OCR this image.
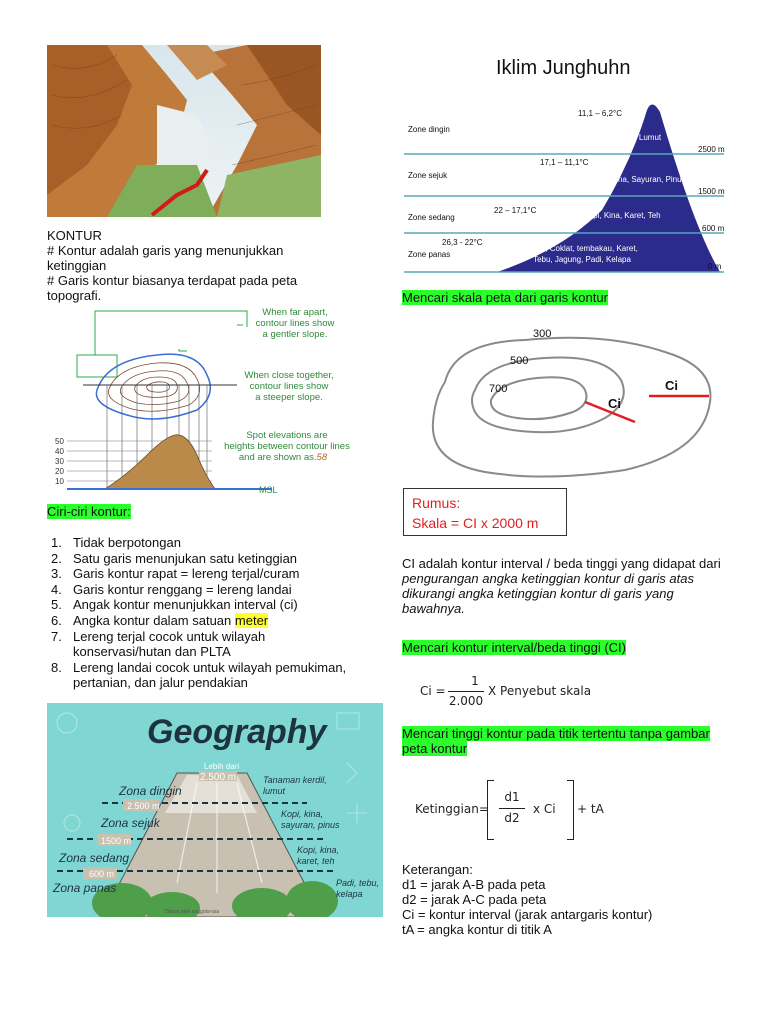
KONTUR
# Kontur adalah garis yang menunjukkan ketinggian
# Garis kontur biasanya terdapat pada peta topografi.
50
40
30
20
10
When far apart,
contour lines show
a gentler slope.
When close together,
contour lines show
a steeper slope.
Spot elevations are
heights between contour lines
and are shown as.58
MSL
Ciri-ciri kontur:
1. Tidak berpotongan
2. Satu garis menunjukan satu ketinggian
3. Garis kontur rapat = lereng terjal/curam
4. Garis kontur renggang = lereng landai
5. Angak kontur menunjukkan interval (ci)
6. Angka kontur dalam satuan meter
7. Lereng terjal cocok untuk wilayah konservasi/hutan dan PLTA
8. Lereng landai cocok untuk wilayah pemukiman, pertanian, dan jalur pendakian
Geography
Lebih dari
2.500 m
2.500 m
1500 m
600 m
Zona dingin
Zona sejuk
Zona sedang
Zona panas
Tanaman kerdil,
lumut
Kopi, kina,
sayuran, pinus
Kopi, kina,
karet, teh
Padi, tebu,
kelapa
Dibuat oleh anggota-ssa
Iklim Junghuhn
Zone dingin
Zone sejuk
Zone sedang
Zone panas
11,1 – 6,2°C
17,1 – 11,1°C
22 – 17,1°C
26,3 - 22°C
2500 m
1500 m
600 m
0 m
Lumut
Kopi, Kina, Sayuran, Pinus
Kopi, Kina, Karet, Teh
Karet, Coklat, tembakau, Karet,
Tebu, Jagung, Padi, Kelapa
Mencari skala peta dari garis kontur
300
500
700
Ci
Ci
Rumus:
Skala = CI x 2000 m
CI adalah kontur interval / beda tinggi yang didapat dari pengurangan angka ketinggian kontur di garis atas dikurangi angka ketinggian kontur di garis yang bawahnya.
Mencari kontur interval/beda tinggi (CI)
Ci =
1
2.000
X Penyebut skala
Mencari tinggi kontur pada titik tertentu tanpa gambar peta kontur
Ketinggian=
d1
d2
x Ci + tA
Keterangan:
d1 = jarak A-B pada peta
d2 = jarak A-C pada peta
Ci = kontur interval (jarak antargaris kontur)
tA = angka kontur di titik A
